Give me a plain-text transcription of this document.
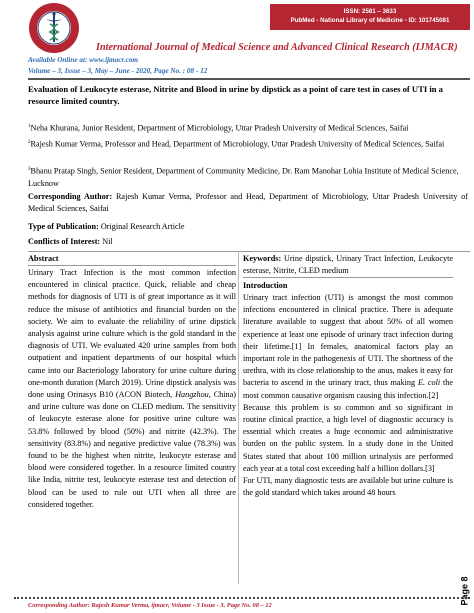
ISSN: 2581 – 3633
PubMed - National Library of Medicine - ID: 101745081
International Journal of Medical Science and Advanced Clinical Research (IJMACR)
Available Online at: www.ijmacr.com
Volume – 3, Issue – 3, May – June - 2020, Page No. : 08 - 12
Evaluation of Leukocyte esterase, Nitrite and Blood in urine by dipstick as a point of care test in cases of UTI in a resource limited country.
$^1$Neha Khurana, Junior Resident, Department of Microbiology, Uttar Pradesh University of Medical Sciences, Saifai
$^2$Rajesh Kumar Verma, Professor and Head, Department of Microbiology, Uttar Pradesh University of Medical Sciences, Saifai
$^3$Bhanu Pratap Singh, Senior Resident, Department of Community Medicine, Dr. Ram Manohar Lohia Institute of Medical Science, Lucknow
Corresponding Author: Rajesh Kumar Verma, Professor and Head, Department of Microbiology, Uttar Pradesh University of Medical Sciences, Saifai
Type of Publication: Original Research Article
Conflicts of Interest: Nil
Abstract

Urinary Tract Infection is the most common infection encountered in clinical practice. Quick, reliable and cheap methods for diagnosis of UTI is of great importance as it will reduce the misuse of antibiotics and financial burden on the society. We aim to evaluate the reliability of urine dipstick analysis against urine culture which is the gold standard in the diagnosis of UTI. We evaluated 420 urine samples from both outpatient and inpatient departments of our hospital which came into our Bacteriology laboratory for urine culture during one-month duration (March 2019). Urine dipstick analysis was done using Orinasys B10 (ACON Biotech, Hangzhou, China) and urine culture was done on CLED medium. The sensitivity of leukocyte esterase alone for positive urine culture was 53.8% followed by blood (50%) and nitrite (42.3%). The sensitivity (83.8%) and negative predictive value (78.3%) was found to be the highest when nitrite, leukocyte esterase and blood were considered together. In a resource limited country like India, nitrite test, leukocyte esterase test and detection of blood can be used to rule out UTI when all three are considered together.

Keywords: Urine dipstick, Urinary Tract Infection, Leukocyte esterase, Nitrite, CLED medium
Introduction

Urinary tract infection (UTI) is amongst the most common infections encountered in clinical practice. There is adequate literature available to suggest that about 50% of all women experience at least one episode of urinary tract infection during their lifetime.[1] In females, anatomical factors play an important role in the pathogenesis of UTI. The shortness of the urethra, with its close relationship to the anus, makes it easy for bacteria to ascend in the urinary tract, thus making E. coli the most common causative organism causing this infection.[2]

Because this problem is so common and so significant in routine clinical practice, a high level of diagnostic accuracy is essential which creates a huge economic and administrative burden on the public system. In a study done in the United States stated that about 100 million urinalysis are performed each year at a total cost exceeding half a billion dollars.[3]

For UTI, many diagnostic tests are available but urine culture is the gold standard which takes around 48 hours

Page 8
Corresponding Author: Rajesh Kumar Verma, ijmacr, Volume - 3 Issue - 3, Page No. 08 – 12
